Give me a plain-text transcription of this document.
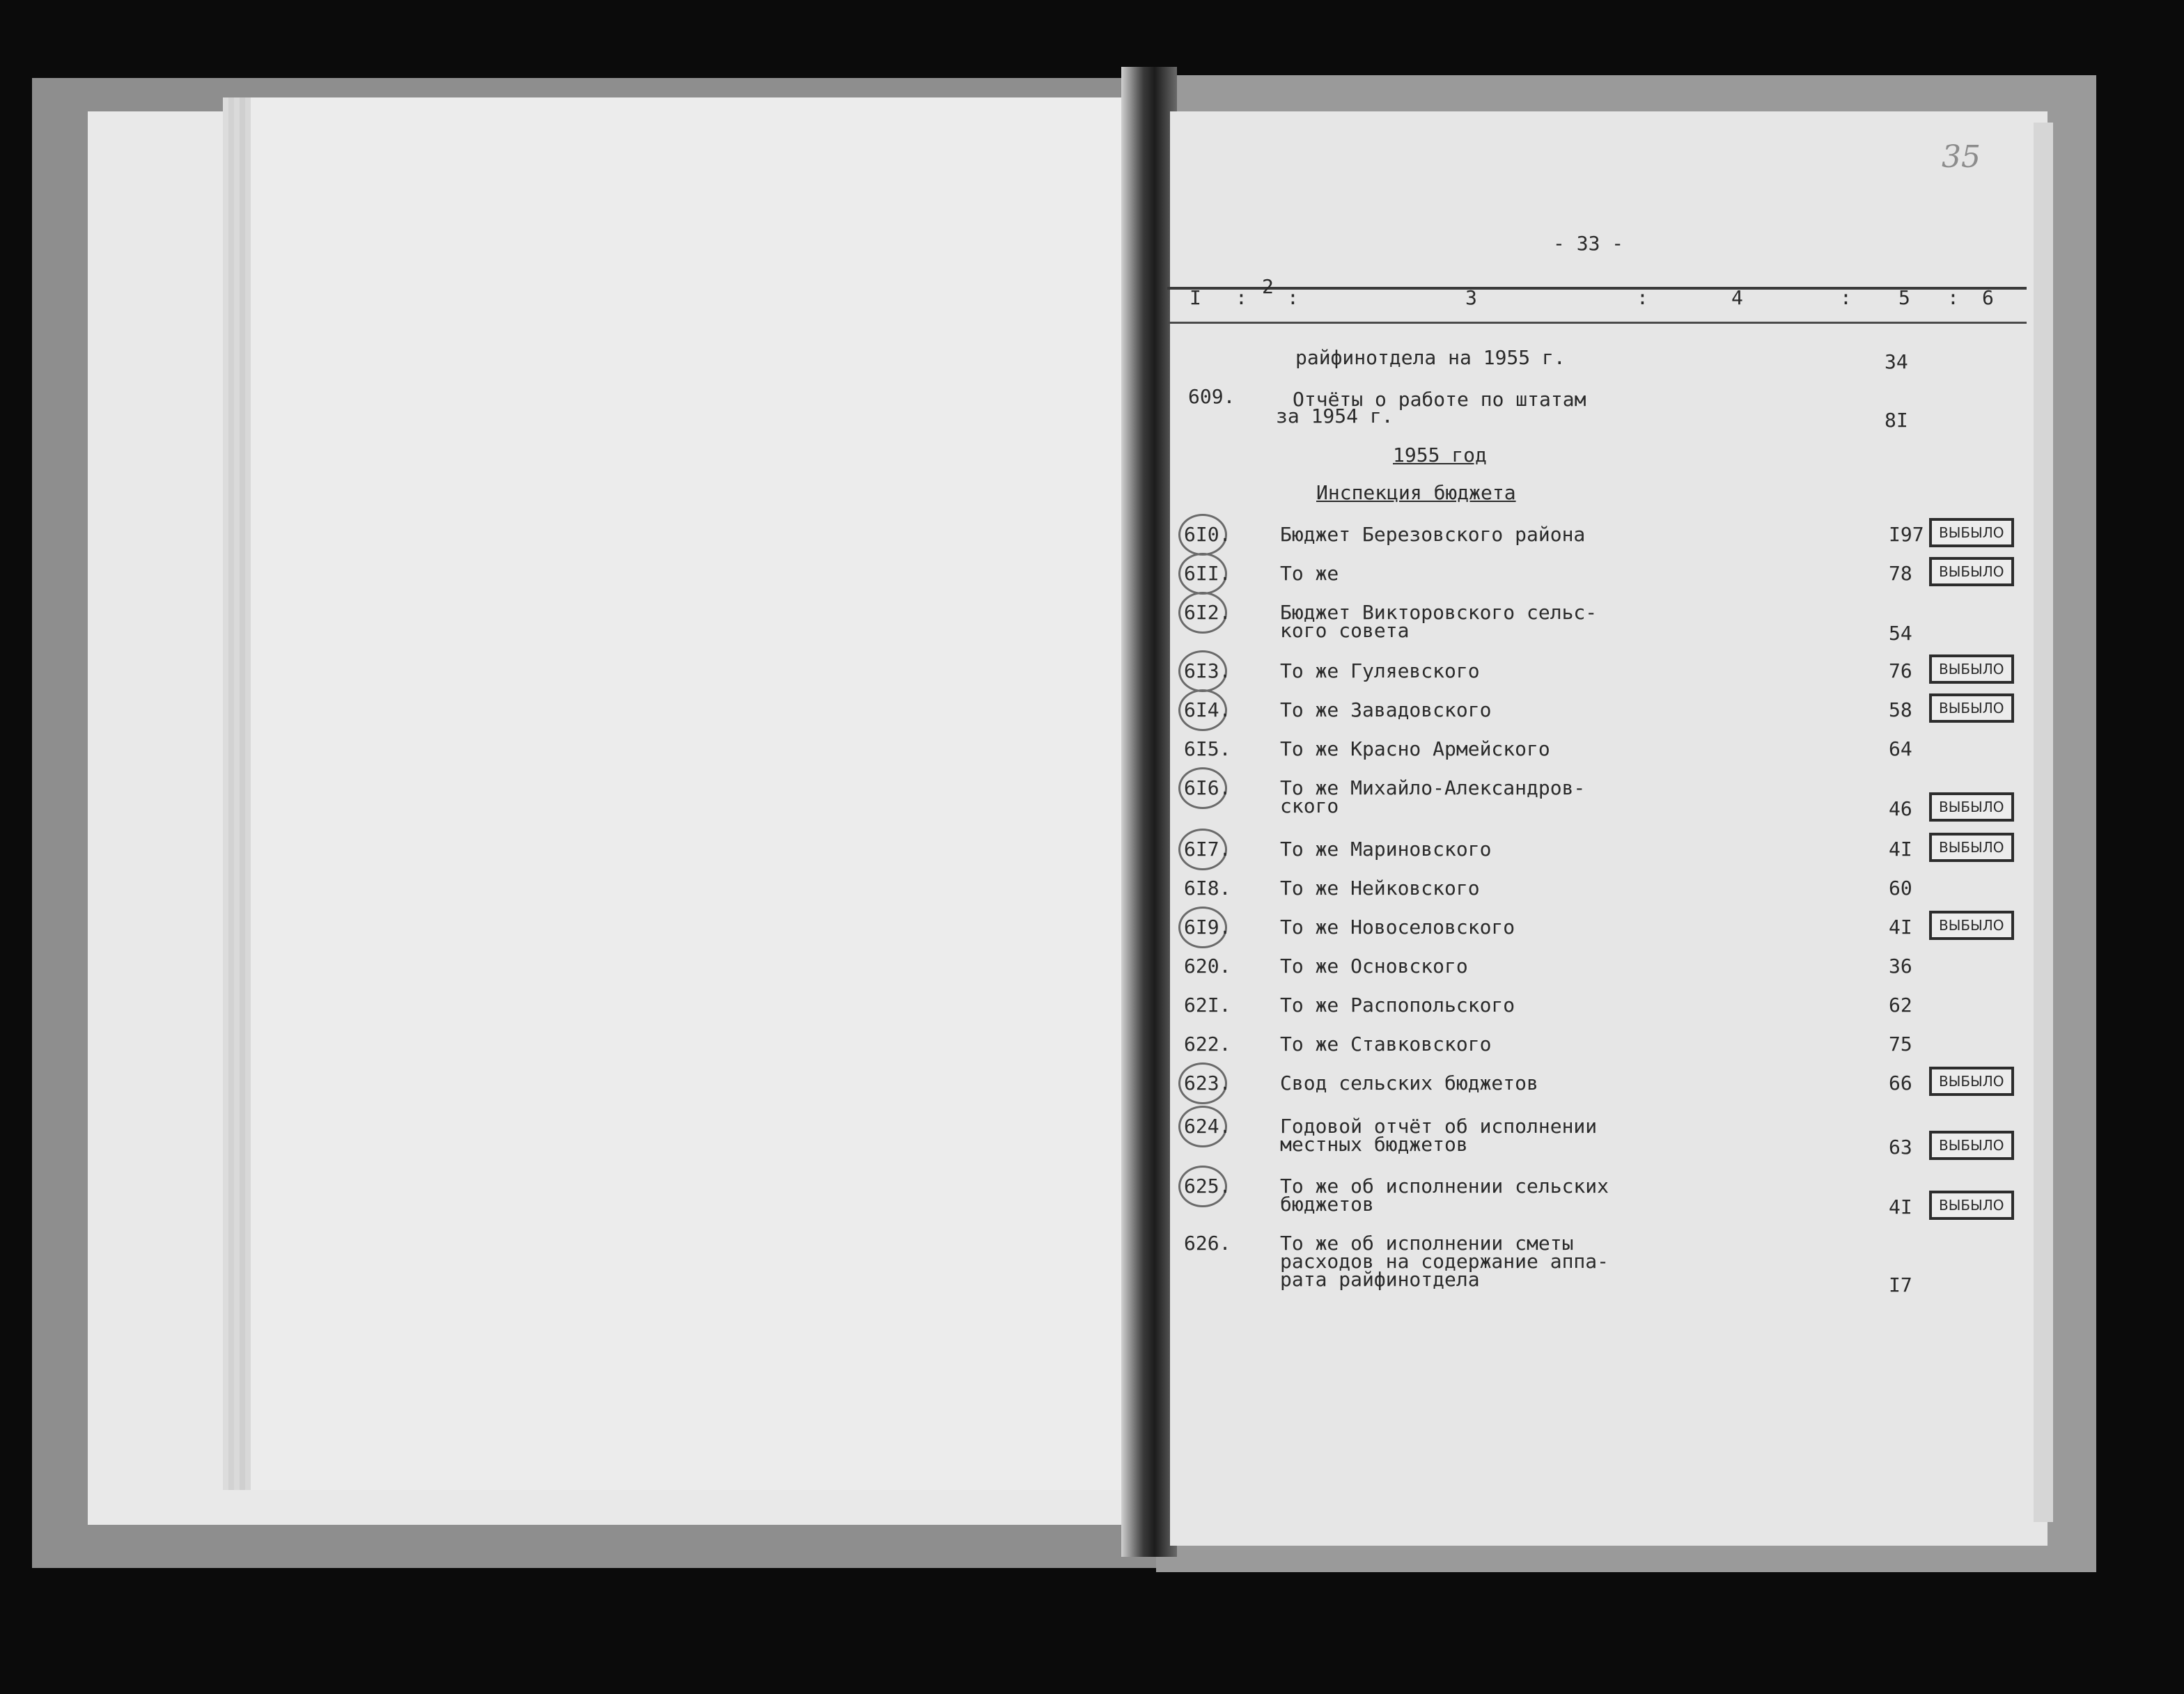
35
- 33 -
I : 2 :	3	:	4	: 5 : 6
райфинотдела на 1955 г.	34
609.	Отчёты о работе по штатам
за 1954 г.	8I
1955 год
Инспекция бюджета
6I0.	Бюджет Березовского района	I97	ВЫБЫЛО
6II.	То же	78	ВЫБЫЛО
6I2.	Бюджет Викторовского сельс-
кого совета	54
6I3.	То же Гуляевского	76	ВЫБЫЛО
6I4.	То же Завадовского	58	ВЫБЫЛО
6I5.	То же Красно Армейского	64
6I6.	То же Михайло-Александров-
ского	46	ВЫБЫЛО
6I7.	То же Мариновского	4I	ВЫБЫЛО
6I8.	То же Нейковского	60
6I9.	То же Новоселовского	4I	ВЫБЫЛО
620.	То же Основского	36
62I.	То же Распопольского	62
622.	То же Ставковского	75
623.	Свод сельских бюджетов	66	ВЫБЫЛО
624.	Годовой отчёт об исполнении
местных бюджетов	63	ВЫБЫЛО
625.	То же об исполнении сельских
бюджетов	4I	ВЫБЫЛО
626.	То же об исполнении сметы
расходов на содержание аппа-
рата райфинотдела	I7
